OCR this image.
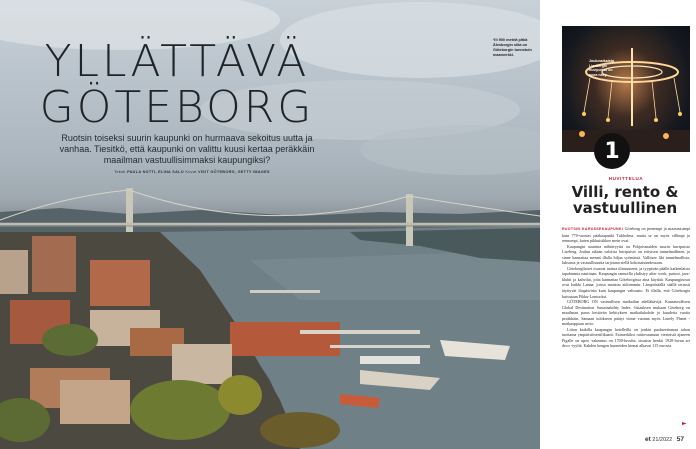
YLLÄTTÄVÄ
GÖTEBORG
Ruotsin toiseksi suurin kaupunki on hurmaava sekoitus uutta ja vanhaa. Tiesitkö, että kaupunki on valittu kuusi kertaa peräkkäin maailman vastuullisimmaksi kaupungiksi?
Teksti PAULA NOTTI, ELINA SALO Kuvat VISIT GÖTEBORG, GETTY IMAGES
Yli 900 metriä pitkä Älvsborgin silta on Göteborgin tunnetuin maamerkki.
Joulunaikaista Lisebergin huvipuisto on upea näky.
1
HUVITTELUA
Villi, rento & vastuullinen

RUOTSIN KARUSSEKAUPUNKI Göteborg on pienempi ja maaseutumpi kuin 770-vuotias pääkaupunki Tukholma, mutta se on myös villimpi ja rennompi, kuten pikkuisikkoe mein ovat.

Kaupungin suurinta nähtävyyttä on Pohjoismaiden suurin huvipuisto Liseberg. Joulun aikaan valoista huvipuisto on erityisen tunnelmallinen, ja sinne kannattaa mennä illalla hiljaa syömässä. Vallitsee liki tunnelmallista, luksusta ja vastuullisuutta tarjotaan siellä kokonaisuudessaan.

Göteborgilaiset osaavat tarttua tilaisuuteen, ja tyypävän päälle kaikenlaisia tapahtumia nautitaan. Kaupungin rannoilla yhdistyy after work, puistot, jazz-klubit ja kahvilat, joita kannattaa Göteborgissa aina käyttää. Kaupunginosat ovat kaikki Lanna, joissa maistuu aidoimmin. Lämpöisäällä säällä terassit täyttyvät iltapäivisin kuin kaupungin valtuusto. Et illalla, että Göteborgia kutsutaan Pikku-Lontooksi.

GÖTEBORG ON vastuullisen matkailun edelläkävijä. Kansainvälisen Global Destination Sustainability Index -listauksen mukaan Göteborg on maailman paras kestävän kehityksen matkailukohde jo kuudetta vuotta peräkkäin. Samaan tulokseen päätyi viime vuonna myös Lonely Planet -matkaoppaan arvio.

Liiton kaikilla kaupungin hotelleilla on jonkin puolueettoman tahon tuottama ympäristösertifikaatti. Esimerkiksi raitiovaunuun viesteistä ajaneen Pigalle on upea -rakennus on 1700-luvulta, sisustus henkii 1920-luvun art deco -tyyliä. Kahden hengen huoneiden hinnat alkavat 115 eurosta.

►
et 21/2022 57
